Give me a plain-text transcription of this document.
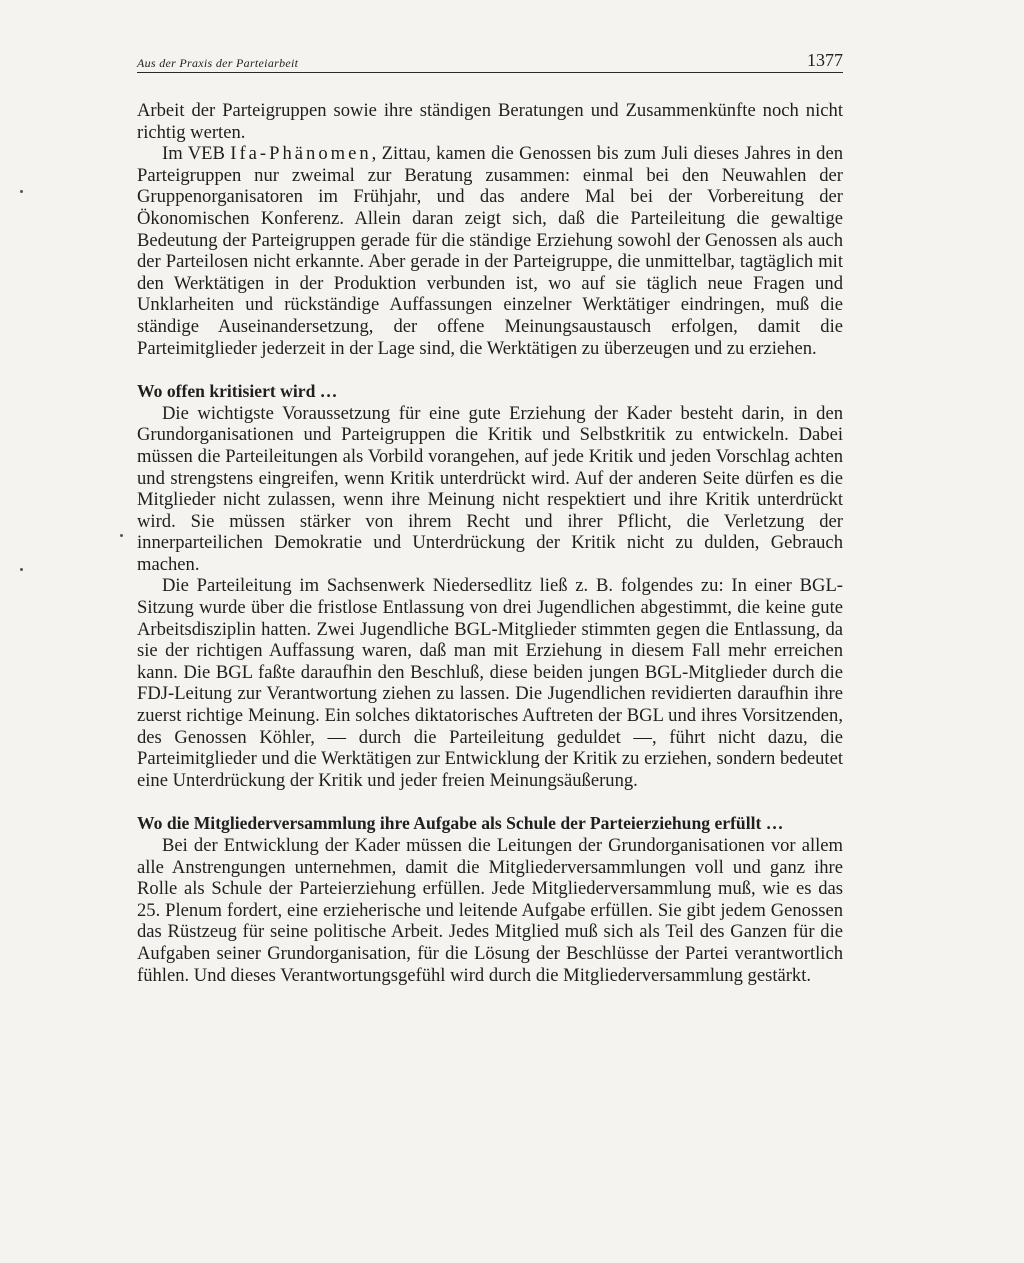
Aus der Praxis der Parteiarbeit	1377

Arbeit der Parteigruppen sowie ihre ständigen Beratungen und Zusammenkünfte noch nicht richtig werten.

Im VEB Ifa-Phänomen, Zittau, kamen die Genossen bis zum Juli dieses Jahres in den Parteigruppen nur zweimal zur Beratung zusammen: einmal bei den Neuwahlen der Gruppenorganisatoren im Frühjahr, und das andere Mal bei der Vorbereitung der Ökonomischen Konferenz. Allein daran zeigt sich, daß die Parteileitung die gewaltige Bedeutung der Parteigruppen gerade für die ständige Erziehung sowohl der Genossen als auch der Parteilosen nicht erkannte. Aber gerade in der Parteigruppe, die unmittelbar, tagtäglich mit den Werktätigen in der Produktion verbunden ist, wo auf sie täglich neue Fragen und Unklarheiten und rückständige Auffassungen einzelner Werktätiger eindringen, muß die ständige Auseinandersetzung, der offene Meinungsaustausch erfolgen, damit die Parteimitglieder jederzeit in der Lage sind, die Werktätigen zu überzeugen und zu erziehen.

Wo offen kritisiert wird …

Die wichtigste Voraussetzung für eine gute Erziehung der Kader besteht darin, in den Grundorganisationen und Parteigruppen die Kritik und Selbstkritik zu entwickeln. Dabei müssen die Parteileitungen als Vorbild vorangehen, auf jede Kritik und jeden Vorschlag achten und strengstens eingreifen, wenn Kritik unterdrückt wird. Auf der anderen Seite dürfen es die Mitglieder nicht zulassen, wenn ihre Meinung nicht respektiert und ihre Kritik unterdrückt wird. Sie müssen stärker von ihrem Recht und ihrer Pflicht, die Verletzung der innerparteilichen Demokratie und Unterdrückung der Kritik nicht zu dulden, Gebrauch machen.

Die Parteileitung im Sachsenwerk Niedersedlitz ließ z. B. folgendes zu: In einer BGL-Sitzung wurde über die fristlose Entlassung von drei Jugendlichen abgestimmt, die keine gute Arbeitsdisziplin hatten. Zwei Jugendliche BGL-Mitglieder stimmten gegen die Entlassung, da sie der richtigen Auffassung waren, daß man mit Erziehung in diesem Fall mehr erreichen kann. Die BGL faßte daraufhin den Beschluß, diese beiden jungen BGL-Mitglieder durch die FDJ-Leitung zur Verantwortung ziehen zu lassen. Die Jugendlichen revidierten daraufhin ihre zuerst richtige Meinung. Ein solches diktatorisches Auftreten der BGL und ihres Vorsitzenden, des Genossen Köhler, — durch die Parteileitung geduldet —, führt nicht dazu, die Parteimitglieder und die Werktätigen zur Entwicklung der Kritik zu erziehen, sondern bedeutet eine Unterdrückung der Kritik und jeder freien Meinungsäußerung.

Wo die Mitgliederversammlung ihre Aufgabe als Schule der Parteierziehung erfüllt …

Bei der Entwicklung der Kader müssen die Leitungen der Grundorganisationen vor allem alle Anstrengungen unternehmen, damit die Mitgliederversammlungen voll und ganz ihre Rolle als Schule der Parteierziehung erfüllen. Jede Mitgliederversammlung muß, wie es das 25. Plenum fordert, eine erzieherische und leitende Aufgabe erfüllen. Sie gibt jedem Genossen das Rüstzeug für seine politische Arbeit. Jedes Mitglied muß sich als Teil des Ganzen für die Aufgaben seiner Grundorganisation, für die Lösung der Beschlüsse der Partei verantwortlich fühlen. Und dieses Verantwortungsgefühl wird durch die Mitgliederversammlung gestärkt.
